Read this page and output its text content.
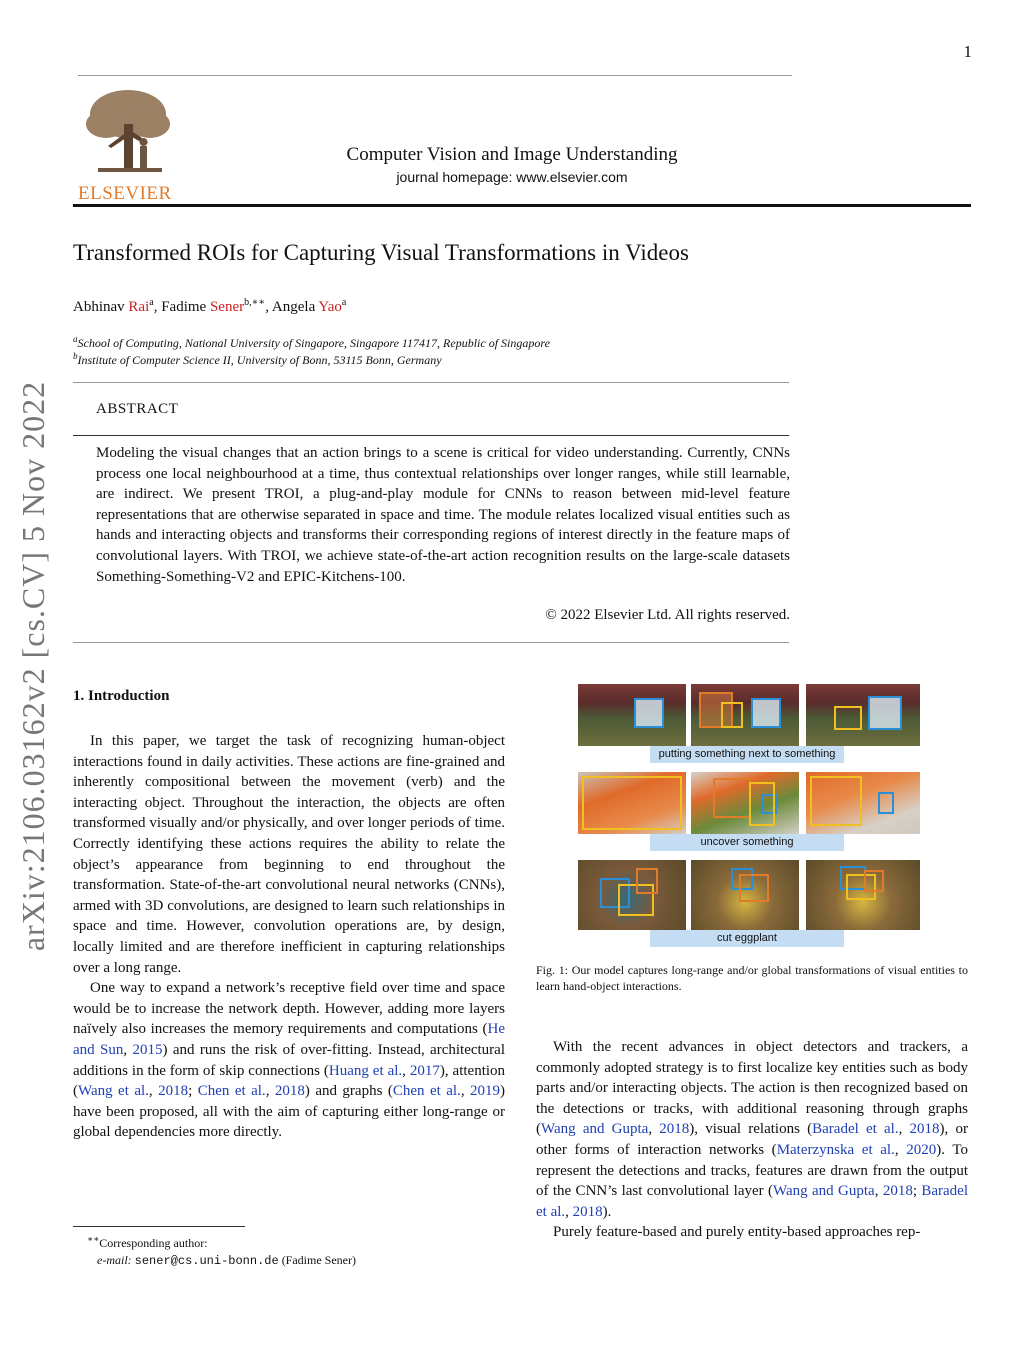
1
ELSEVIER
Computer Vision and Image Understanding
journal homepage: www.elsevier.com
Transformed ROIs for Capturing Visual Transformations in Videos
Abhinav Rai$^a$, Fadime Sener$^{b,∗∗}$, Angela Yao$^a$
$^a$School of Computing, National University of Singapore, Singapore 117417, Republic of Singapore
$^b$Institute of Computer Science II, University of Bonn, 53115 Bonn, Germany
ABSTRACT
Modeling the visual changes that an action brings to a scene is critical for video understanding. Currently, CNNs process one local neighbourhood at a time, thus contextual relationships over longer ranges, while still learnable, are indirect. We present TROI, a plug-and-play module for CNNs to reason between mid-level feature representations that are otherwise separated in space and time. The module relates localized visual entities such as hands and interacting objects and transforms their corresponding regions of interest directly in the feature maps of convolutional layers. With TROI, we achieve state-of-the-art action recognition results on the large-scale datasets Something-Something-V2 and EPIC-Kitchens-100.
© 2022 Elsevier Ltd. All rights reserved.
arXiv:2106.03162v2 [cs.CV] 5 Nov 2022 1. Introduction

In this paper, we target the task of recognizing human-object interactions found in daily activities. These actions are fine-grained and inherently compositional between the movement (verb) and the interacting object. Throughout the interaction, the objects are often transformed visually and/or physically, and over longer periods of time. Correctly identifying these actions requires the ability to relate the object’s appearance from beginning to end throughout the transformation. State-of-the-art convolutional neural networks (CNNs), armed with 3D convolutions, are designed to learn such relationships in space and time. However, convolution operations are, by design, locally limited and are therefore inefficient in capturing relationships over a long range.

One way to expand a network’s receptive field over time and space would be to increase the network depth. However, adding more layers naïvely also increases the memory requirements and computations (He and Sun, 2015) and runs the risk of over-fitting. Instead, architectural additions in the form of skip connections (Huang et al., 2017), attention (Wang et al., 2018; Chen et al., 2018) and graphs (Chen et al., 2019) have been proposed, all with the aim of capturing either long-range or global dependencies more directly.

putting something next to something
uncover something
cut eggplant
Fig. 1: Our model captures long-range and/or global transformations of visual entities to learn hand-object interactions.

With the recent advances in object detectors and trackers, a commonly adopted strategy is to first localize key entities such as body parts and/or interacting objects. The action is then recognized based on the detections or tracks, with additional reasoning through graphs (Wang and Gupta, 2018), visual relations (Baradel et al., 2018), or other forms of interaction networks (Materzynska et al., 2020). To represent the detections and tracks, features are drawn from the output of the CNN’s last convolutional layer (Wang and Gupta, 2018; Baradel et al., 2018).

Purely feature-based and purely entity-based approaches rep-

∗∗Corresponding author:
e-mail: sener@cs.uni-bonn.de (Fadime Sener)
